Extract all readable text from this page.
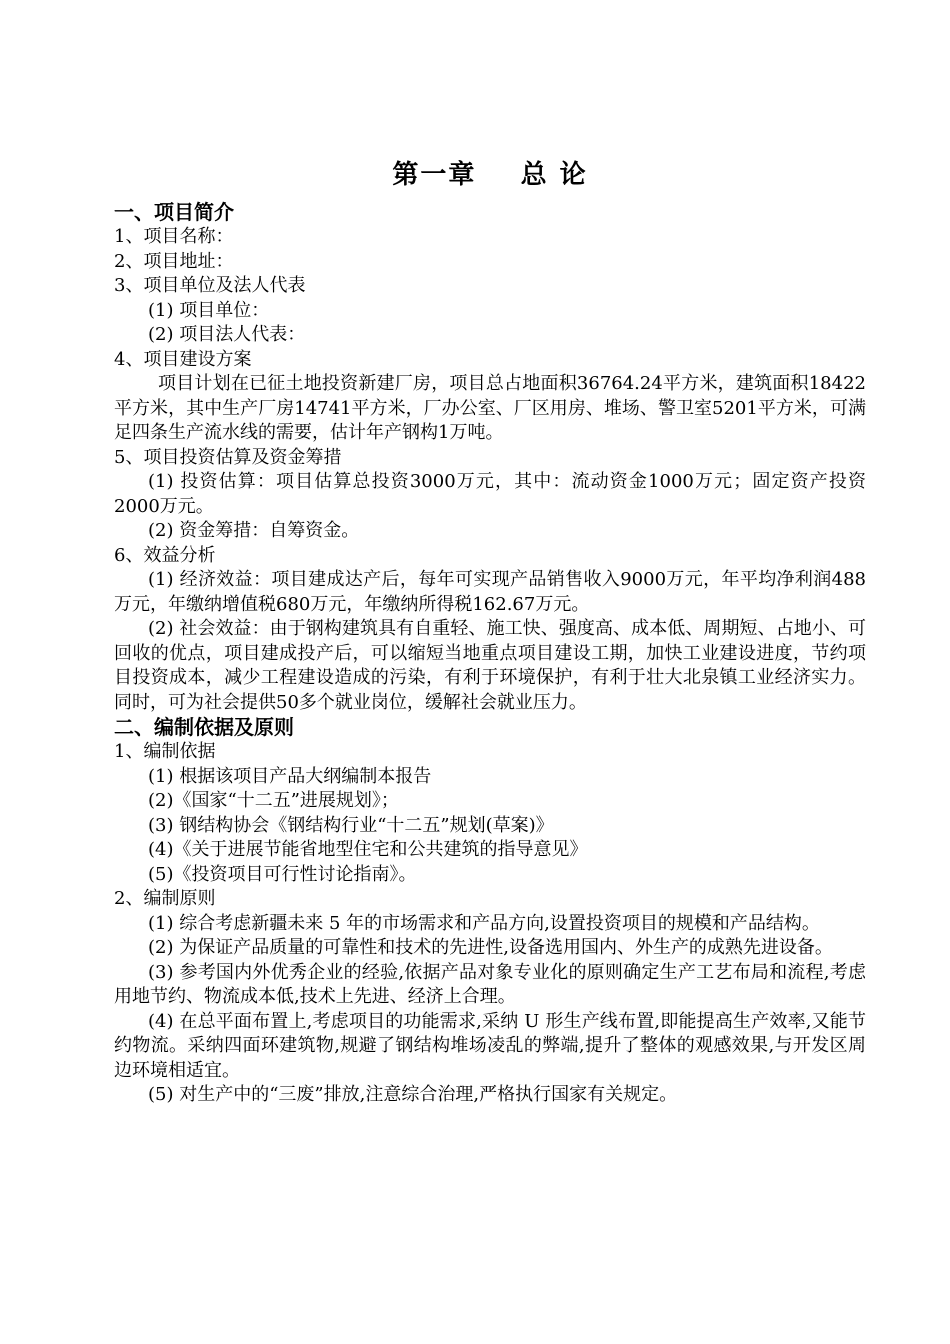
第一章    总 论

一、项目简介

1、项目名称：

2、项目地址：

3、项目单位及法人代表

(1) 项目单位：

(2) 项目法人代表：

4、项目建设方案

项目计划在已征土地投资新建厂房，项目总占地面积36764.24平方米，建筑面积18422平方米，其中生产厂房14741平方米，厂办公室、厂区用房、堆场、警卫室5201平方米，可满足四条生产流水线的需要，估计年产钢构1万吨。

5、项目投资估算及资金筹措

(1) 投资估算：项目估算总投资3000万元，其中：流动资金1000万元；固定资产投资2000万元。

(2) 资金筹措：自筹资金。

6、效益分析

(1) 经济效益：项目建成达产后，每年可实现产品销售收入9000万元，年平均净利润488万元，年缴纳增值税680万元，年缴纳所得税162.67万元。

(2) 社会效益：由于钢构建筑具有自重轻、施工快、强度高、成本低、周期短、占地小、可回收的优点，项目建成投产后，可以缩短当地重点项目建设工期，加快工业建设进度，节约项目投资成本，减少工程建设造成的污染，有利于环境保护，有利于壮大北泉镇工业经济实力。同时，可为社会提供50多个就业岗位，缓解社会就业压力。

二、编制依据及原则

1、编制依据

(1) 根据该项目产品大纲编制本报告

(2)《国家“十二五”进展规划》；

(3) 钢结构协会《钢结构行业“十二五”规划(草案)》

(4)《关于进展节能省地型住宅和公共建筑的指导意见》

(5)《投资项目可行性讨论指南》。

2、编制原则

(1) 综合考虑新疆未来 5 年的市场需求和产品方向,设置投资项目的规模和产品结构。

(2) 为保证产品质量的可靠性和技术的先进性,设备选用国内、外生产的成熟先进设备。

(3) 参考国内外优秀企业的经验,依据产品对象专业化的原则确定生产工艺布局和流程,考虑用地节约、物流成本低,技术上先进、经济上合理。

(4) 在总平面布置上,考虑项目的功能需求,采纳 U 形生产线布置,即能提高生产效率,又能节约物流。采纳四面环建筑物,规避了钢结构堆场凌乱的弊端,提升了整体的观感效果,与开发区周边环境相适宜。

(5) 对生产中的“三废”排放,注意综合治理,严格执行国家有关规定。
